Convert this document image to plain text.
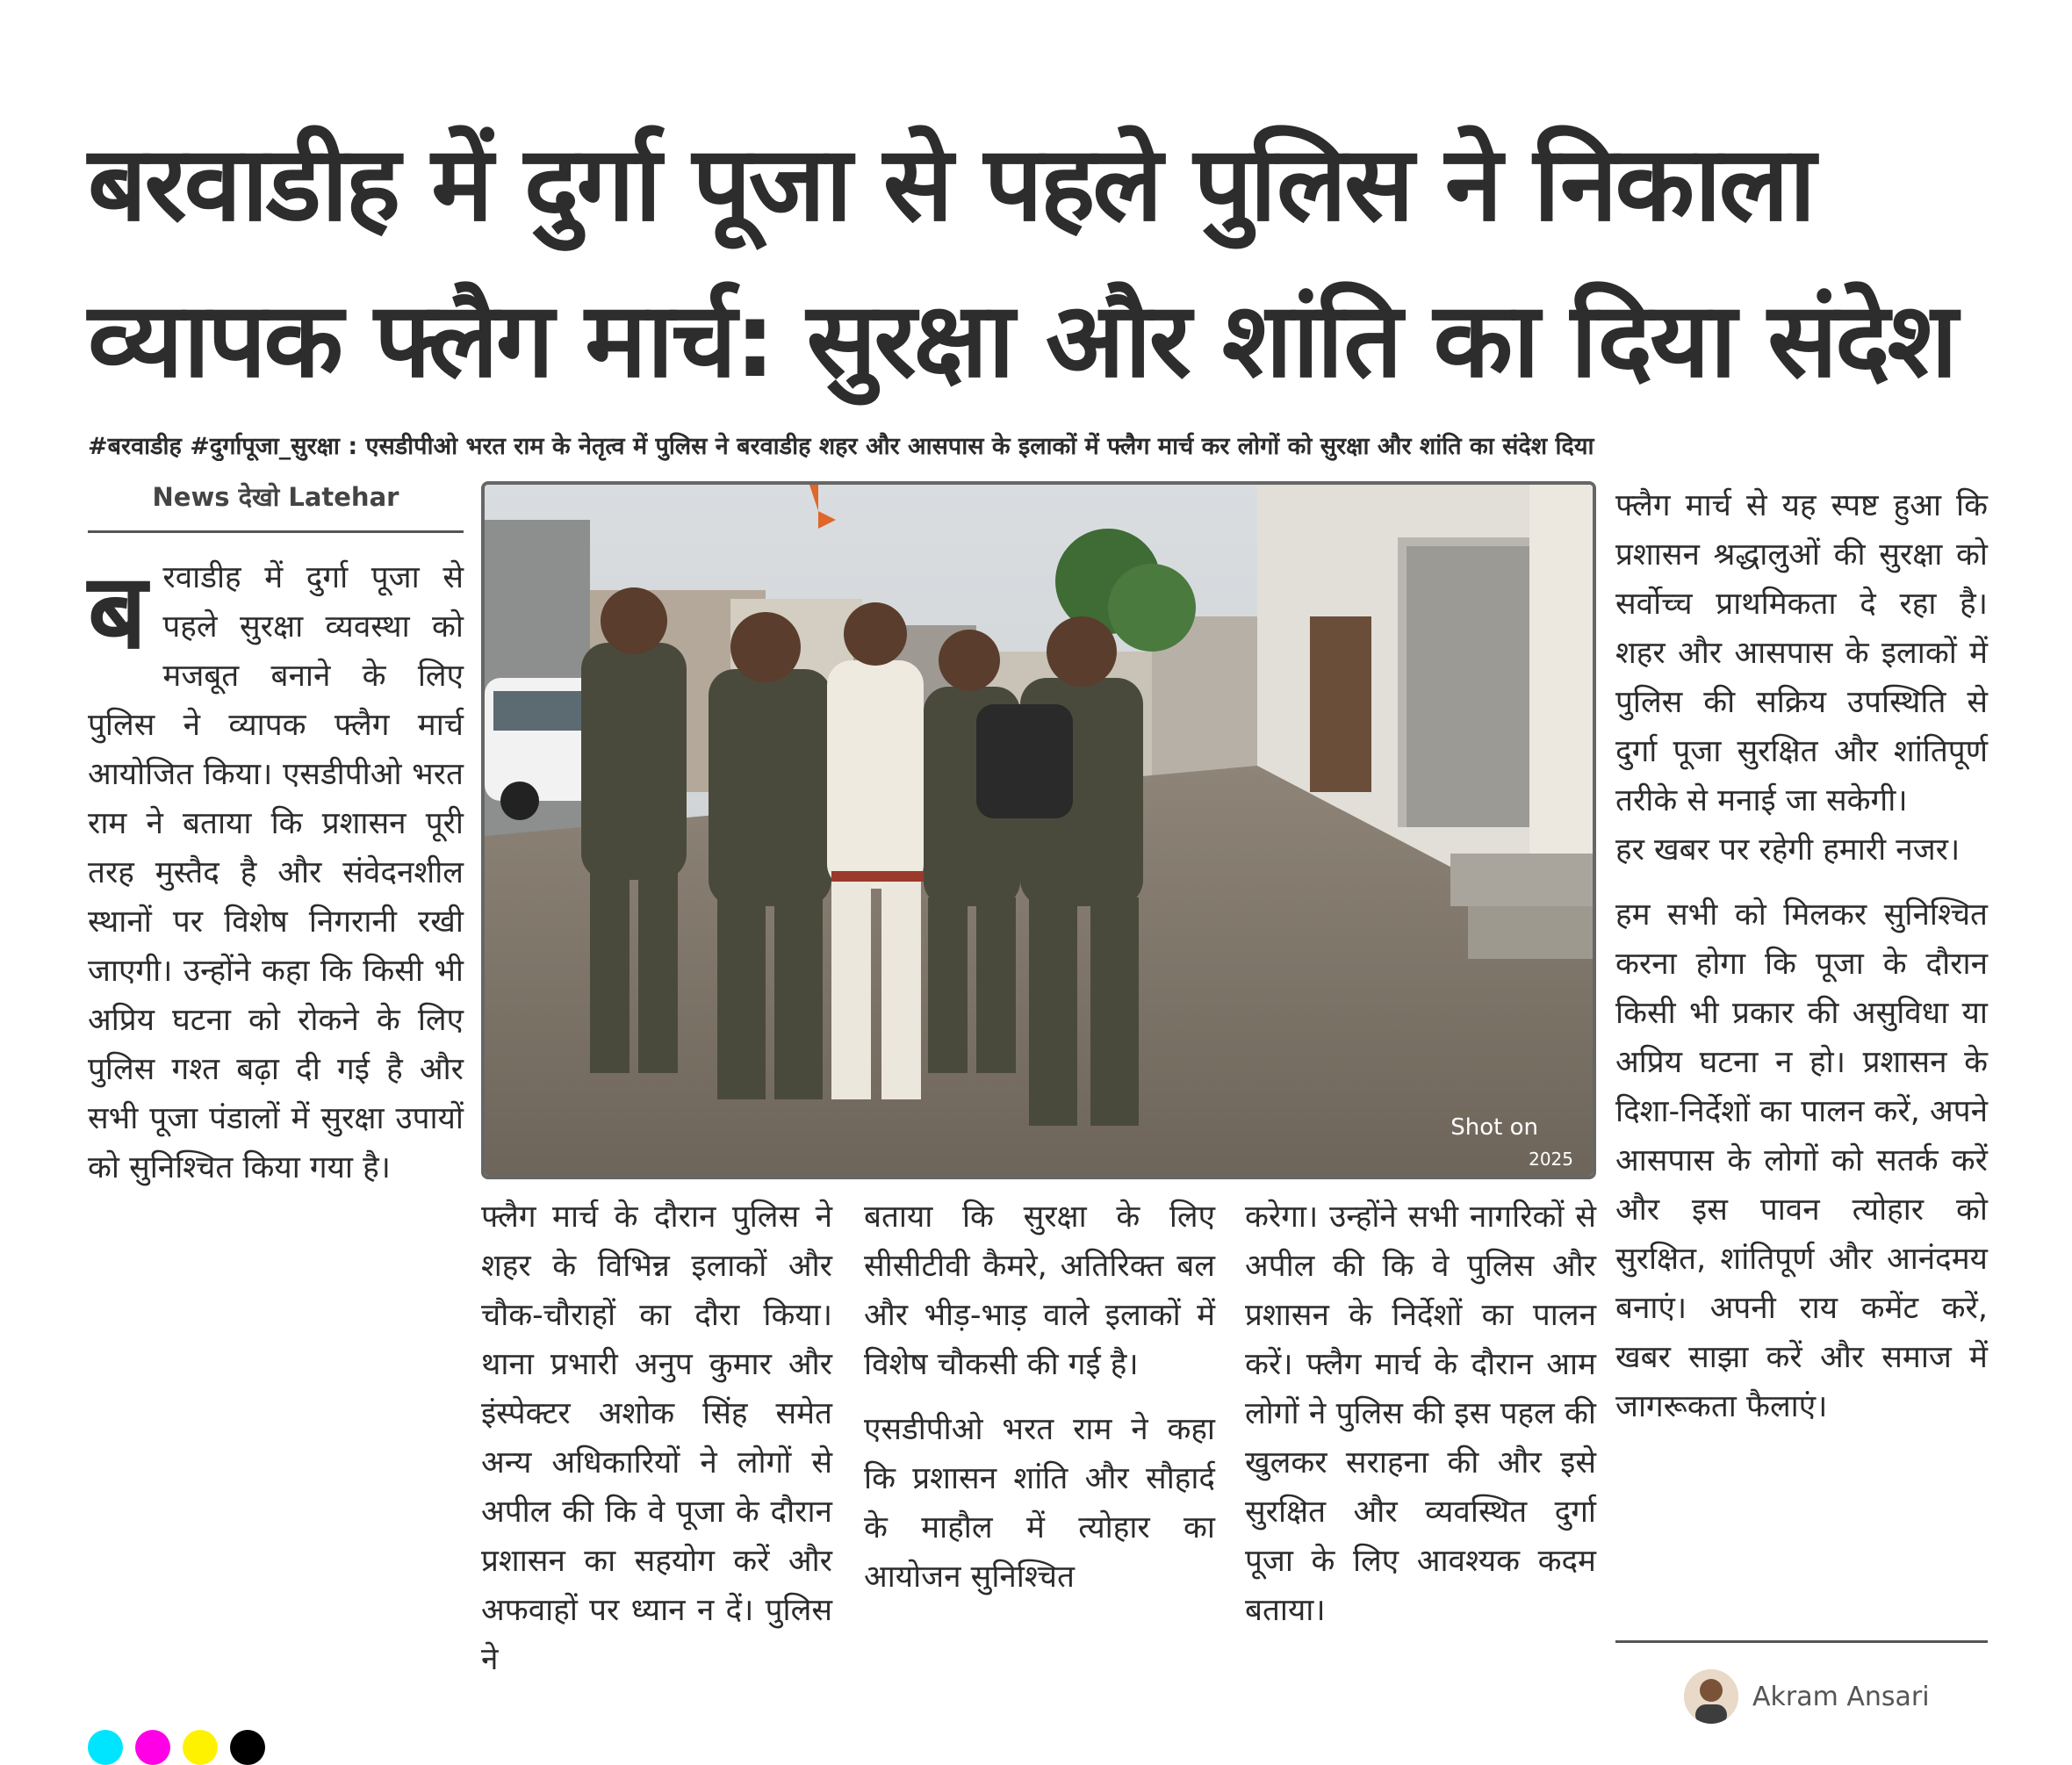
बरवाडीह में दुर्गा पूजा से पहले पुलिस ने निकाला
व्यापक फ्लैग मार्च: सुरक्षा और शांति का दिया संदेश
#बरवाडीह #दुर्गापूजा_सुरक्षा : एसडीपीओ भरत राम के नेतृत्व में पुलिस ने बरवाडीह शहर और आसपास के इलाकों में फ्लैग मार्च कर लोगों को सुरक्षा और शांति का संदेश दिया
News देखो Latehar
ब रवाडीह में दुर्गा पूजा से पहले सुरक्षा व्यवस्था को मजबूत बनाने के लिए पुलिस ने व्यापक फ्लैग मार्च आयोजित किया। एसडीपीओ भरत राम ने बताया कि प्रशासन पूरी तरह मुस्तैद है और संवेदनशील स्थानों पर विशेष निगरानी रखी जाएगी। उन्होंने कहा कि किसी भी अप्रिय घटना को रोकने के लिए पुलिस गश्त बढ़ा दी गई है और सभी पूजा पंडालों में सुरक्षा उपायों को सुनिश्चित किया गया है।
Shot on
2025

फ्लैग मार्च के दौरान पुलिस ने शहर के विभिन्न इलाकों और चौक-चौराहों का दौरा किया। थाना प्रभारी अनुप कुमार और इंस्पेक्टर अशोक सिंह समेत अन्य अधिकारियों ने लोगों से अपील की कि वे पूजा के दौरान प्रशासन का सहयोग करें और अफवाहों पर ध्यान न दें। पुलिस ने

बताया कि सुरक्षा के लिए सीसीटीवी कैमरे, अतिरिक्त बल और भीड़-भाड़ वाले इलाकों में विशेष चौकसी की गई है।

एसडीपीओ भरत राम ने कहा कि प्रशासन शांति और सौहार्द के माहौल में त्योहार का आयोजन सुनिश्चित

करेगा। उन्होंने सभी नागरिकों से अपील की कि वे पुलिस और प्रशासन के निर्देशों का पालन करें। फ्लैग मार्च के दौरान आम लोगों ने पुलिस की इस पहल की खुलकर सराहना की और इसे सुरक्षित और व्यवस्थित दुर्गा पूजा के लिए आवश्यक कदम बताया।

फ्लैग मार्च से यह स्पष्ट हुआ कि प्रशासन श्रद्धालुओं की सुरक्षा को सर्वोच्च प्राथमिकता दे रहा है। शहर और आसपास के इलाकों में पुलिस की सक्रिय उपस्थिति से दुर्गा पूजा सुरक्षित और शांतिपूर्ण तरीके से मनाई जा सकेगी।

हर खबर पर रहेगी हमारी नजर।

हम सभी को मिलकर सुनिश्चित करना होगा कि पूजा के दौरान किसी भी प्रकार की असुविधा या अप्रिय घटना न हो। प्रशासन के दिशा-निर्देशों का पालन करें, अपने आसपास के लोगों को सतर्क करें और इस पावन त्योहार को सुरक्षित, शांतिपूर्ण और आनंदमय बनाएं। अपनी राय कमेंट करें, खबर साझा करें और समाज में जागरूकता फैलाएं।

Akram Ansari
